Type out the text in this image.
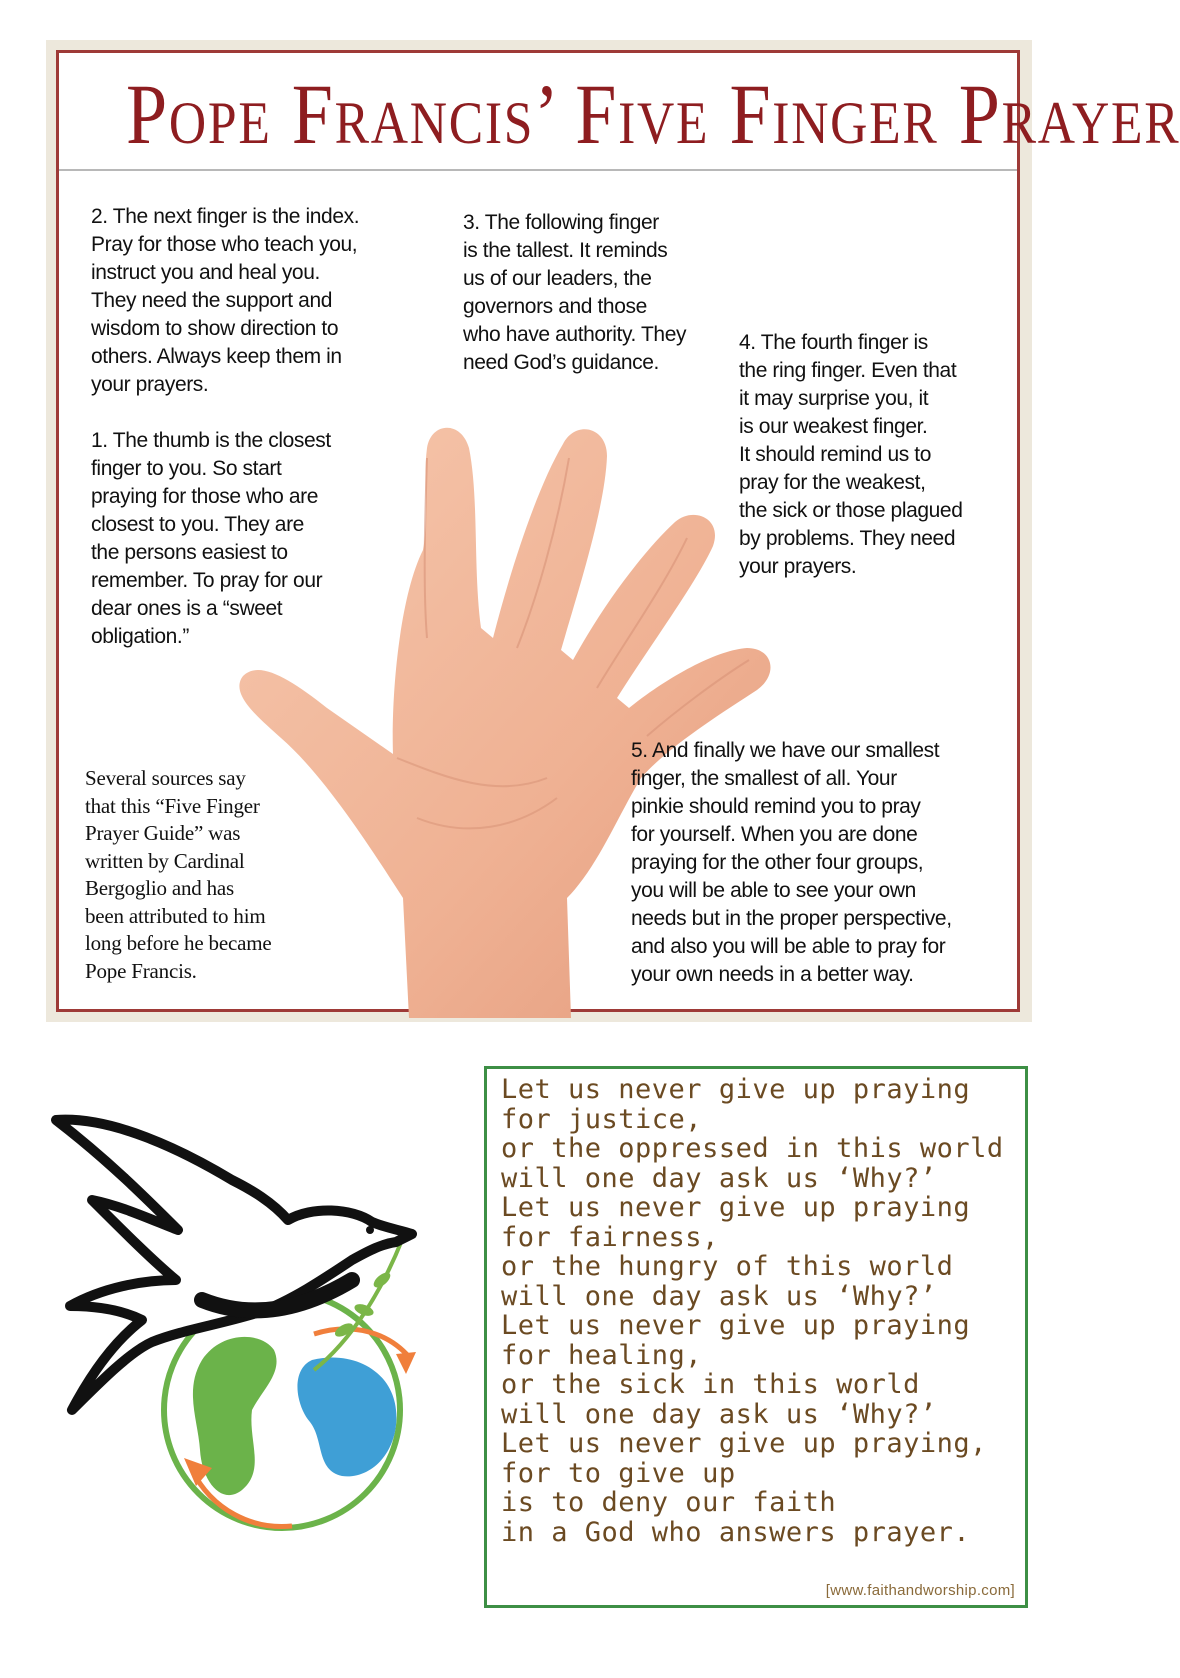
Pope Francis’ Five Finger Prayer

2. The next finger is the index.
Pray for those who teach you,
instruct you and heal you.
They need the support and
wisdom to show direction to
others. Always keep them in
your prayers.

3. The following finger
is the tallest. It reminds
us of our leaders, the
governors and those
who have authority. They
need God’s guidance.

4. The fourth finger is
the ring finger. Even that
it may surprise you, it
is our weakest finger.
It should remind us to
pray for the weakest,
the sick or those plagued
by problems. They need
your prayers.

1. The thumb is the closest
finger to you. So start
praying for those who are
closest to you. They are
the persons easiest to
remember. To pray for our
dear ones is a “sweet
obligation.”

5. And finally we have our smallest
finger, the smallest of all. Your
pinkie should remind you to pray
for yourself. When you are done
praying for the other four groups,
you will be able to see your own
needs but in the proper perspective,
and also you will be able to pray for
your own needs in a better way.

Several sources say
that this “Five Finger
Prayer Guide” was
written by Cardinal
Bergoglio and has
been attributed to him
long before he became
Pope Francis.

Let us never give up praying
for justice,
or the oppressed in this world
will one day ask us ‘Why?’
Let us never give up praying
for fairness,
or the hungry of this world
will one day ask us ‘Why?’
Let us never give up praying
for healing,
or the sick in this world
will one day ask us ‘Why?’
Let us never give up praying,
for to give up
is to deny our faith
in a God who answers prayer.
[www.faithandworship.com]
